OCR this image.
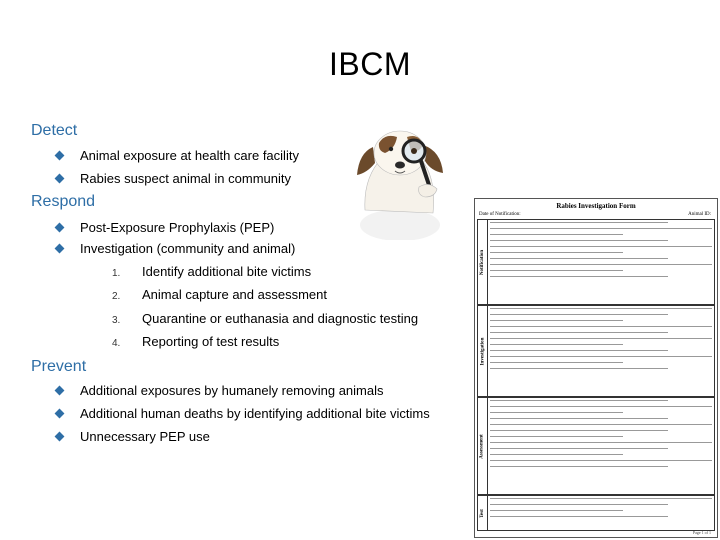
IBCM
Detect
Animal exposure at health care facility
Rabies suspect animal in community
Respond
Post-Exposure Prophylaxis (PEP)
Investigation (community and animal)
1. Identify additional bite victims
2. Animal capture and assessment
3. Quarantine or euthanasia and diagnostic testing
4. Reporting of test results
Prevent
Additional exposures by humanely removing animals
Additional human deaths by identifying additional bite victims
Unnecessary PEP use
Rabies Investigation Form
Date of Notification:	Animal ID:
Notification
Investigation
Assessment
Test
Page 1 of 1
